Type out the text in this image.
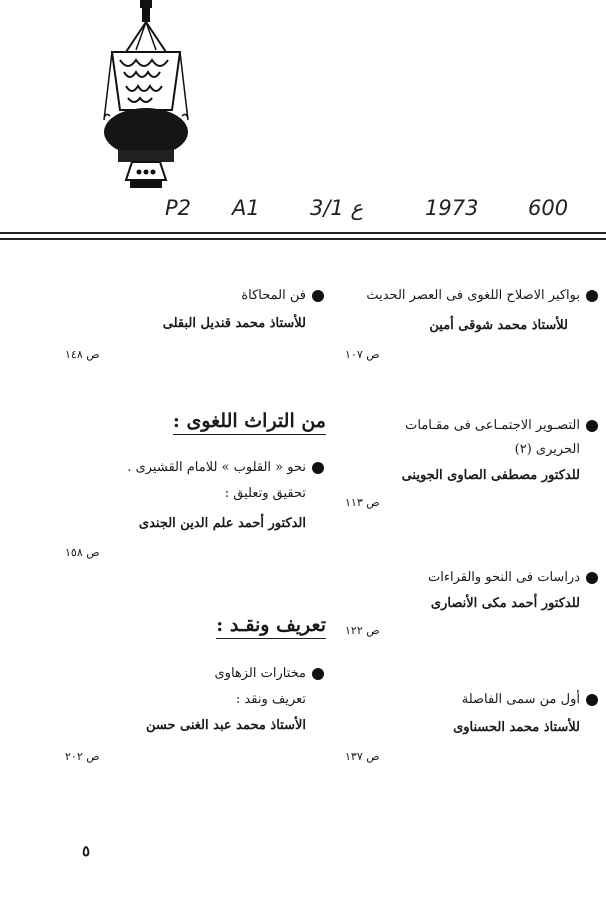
P2 A1 3/1 ع	1973 600
بواكير الاصلاح اللغوى فى العصر الحديث
للأستاذ محمد شوقى أمين
ص ١٠٧
التصـوير الاجتمـاعى فى مقـامات
الحريرى (٢)
للدكتور مصطفى الصاوى الجوينى
ص ١١٣
دراسات فى النحو والقراءات
للدكتور أحمد مكى الأنصارى
ص ١٢٢
أول من سمى الفاصلة
للأستاذ محمد الحسناوى
ص ١٣٧
فن المحاكاة
للأستاذ محمد قنديل البقلى
ص ١٤٨
من التراث اللغوى :
نحو « القلوب » للامام القشيرى .
تحقيق وتعليق :
الدكتور أحمد علم الدين الجندى
ص ١٥٨
تعريف ونقـد :
مختارات الزهاوى
تعريف ونقد :
الأستاذ محمد عبد الغنى حسن
ص ٢٠٢
٥
